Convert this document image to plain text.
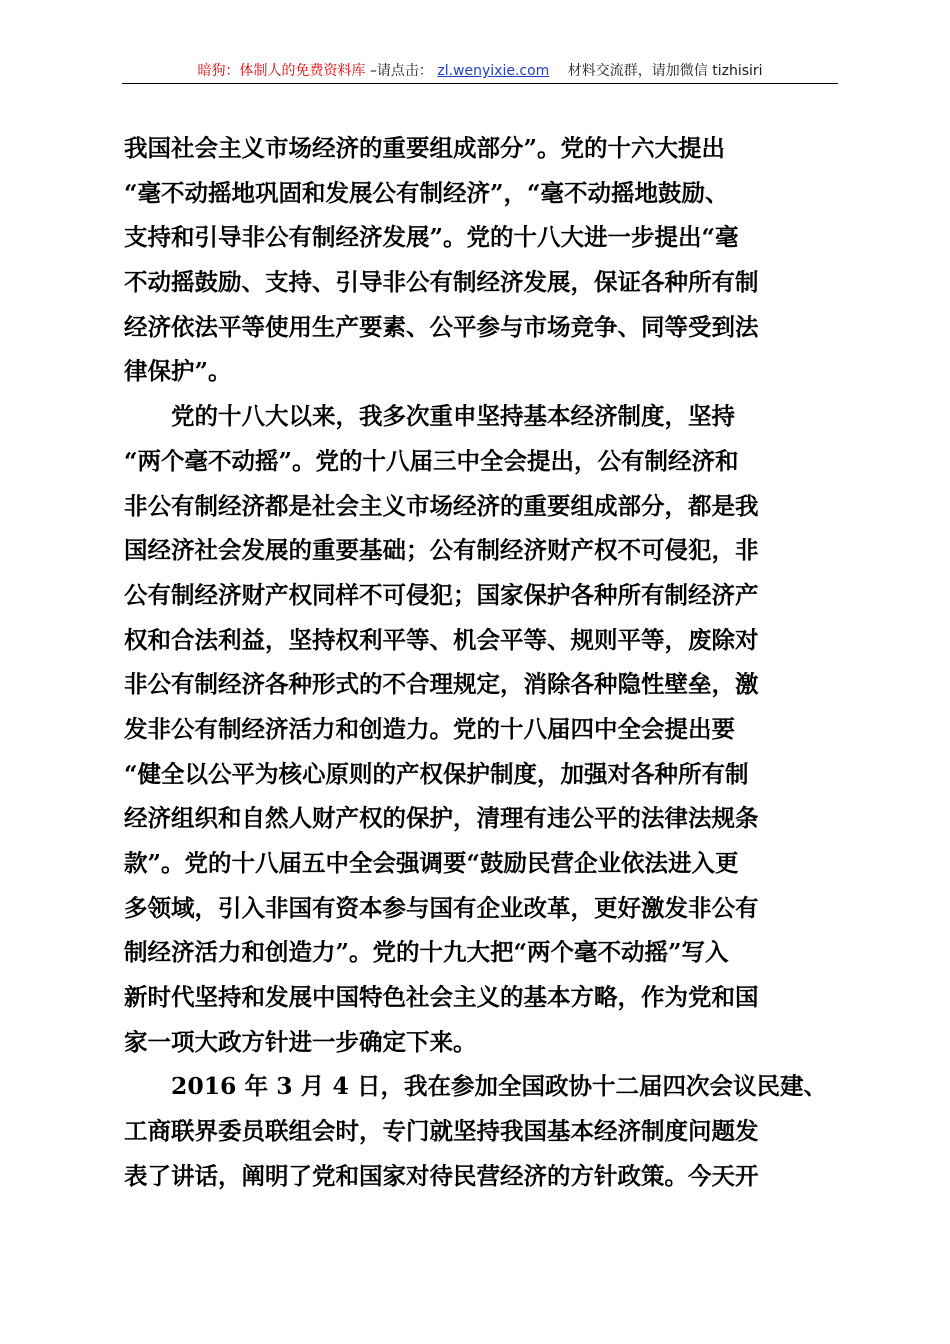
暗狗：体制人的免费资料库 –请点击： zl.wenyixie.com 材料交流群，请加微信 tizhisiri
我国社会主义市场经济的重要组成部分”。党的十六大提出
“毫不动摇地巩固和发展公有制经济”，“毫不动摇地鼓励、
支持和引导非公有制经济发展”。党的十八大进一步提出“毫
不动摇鼓励、支持、引导非公有制经济发展，保证各种所有制
经济依法平等使用生产要素、公平参与市场竞争、同等受到法
律保护”。
　　党的十八大以来，我多次重申坚持基本经济制度，坚持
“两个毫不动摇”。党的十八届三中全会提出，公有制经济和
非公有制经济都是社会主义市场经济的重要组成部分，都是我
国经济社会发展的重要基础；公有制经济财产权不可侵犯，非
公有制经济财产权同样不可侵犯；国家保护各种所有制经济产
权和合法利益，坚持权利平等、机会平等、规则平等，废除对
非公有制经济各种形式的不合理规定，消除各种隐性壁垒，激
发非公有制经济活力和创造力。党的十八届四中全会提出要
“健全以公平为核心原则的产权保护制度，加强对各种所有制
经济组织和自然人财产权的保护，清理有违公平的法律法规条
款”。党的十八届五中全会强调要“鼓励民营企业依法进入更
多领域，引入非国有资本参与国有企业改革，更好激发非公有
制经济活力和创造力”。党的十九大把“两个毫不动摇”写入
新时代坚持和发展中国特色社会主义的基本方略，作为党和国
家一项大政方针进一步确定下来。
　　2016 年 3 月 4 日，我在参加全国政协十二届四次会议民建、
工商联界委员联组会时，专门就坚持我国基本经济制度问题发
表了讲话，阐明了党和国家对待民营经济的方针政策。今天开
